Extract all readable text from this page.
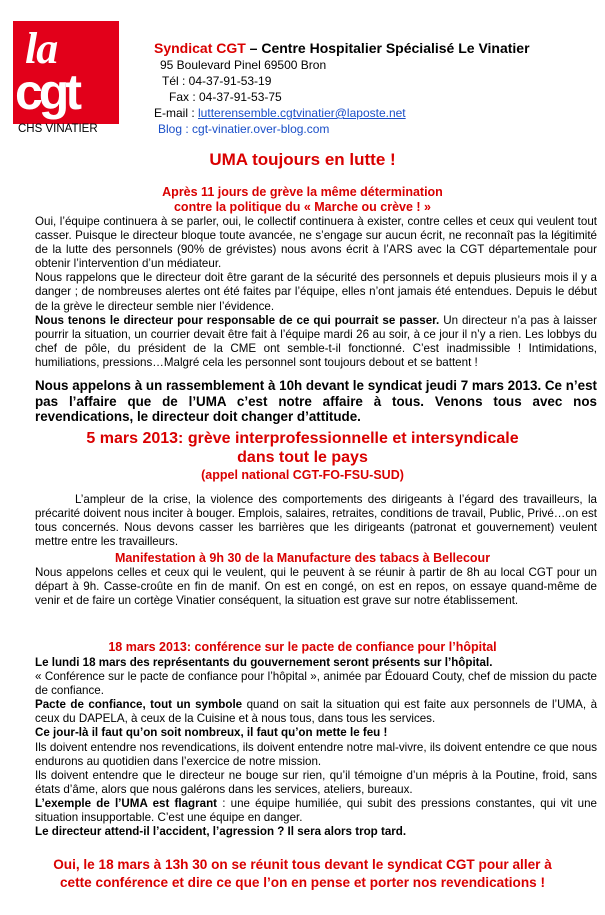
la
cgt
CHS VINATIER
Syndicat CGT – Centre Hospitalier Spécialisé Le Vinatier
95 Boulevard Pinel 69500 Bron
Tél : 04-37-91-53-19
Fax : 04-37-91-53-75
E-mail : lutterensemble.cgtvinatier@laposte.net
Blog : cgt-vinatier.over-blog.com
UMA toujours en lutte !
Après 11 jours de grève la même détermination
contre la politique du « Marche ou crève ! »
Oui, l’équipe continuera à se parler, oui, le collectif continuera à exister, contre celles et ceux qui veulent tout casser. Puisque le directeur bloque toute avancée, ne s’engage sur aucun écrit, ne reconnaît pas la légitimité de la lutte des personnels (90% de grévistes) nous avons écrit à l’ARS avec la CGT départementale pour obtenir l’intervention d’un médiateur.
Nous rappelons que le directeur doit être garant de la sécurité des personnels et depuis plusieurs mois il y a danger ; de nombreuses alertes ont été faites par l’équipe, elles n’ont jamais été entendues. Depuis le début de la grève le directeur semble nier l’évidence.
Nous tenons le directeur pour responsable de ce qui pourrait se passer. Un directeur n’a pas à laisser pourrir la situation, un courrier devait être fait à l’équipe mardi 26 au soir, à ce jour il n’y a rien. Les lobbys du chef de pôle, du président de la CME ont semble-t-il fonctionné. C’est inadmissible ! Intimidations, humiliations, pressions…Malgré cela les personnel sont toujours debout et se battent !
Nous appelons à un rassemblement à 10h devant le syndicat jeudi 7 mars 2013. Ce n’est pas l’affaire que de l’UMA c’est notre affaire à tous. Venons tous avec nos revendications, le directeur doit changer d’attitude.
5 mars 2013: grève interprofessionnelle et intersyndicale
dans tout le pays
(appel national CGT-FO-FSU-SUD)
L’ampleur de la crise, la violence des comportements des dirigeants à l’égard des travailleurs, la précarité doivent nous inciter à bouger. Emplois, salaires, retraites, conditions de travail, Public, Privé…on est tous concernés. Nous devons casser les barrières que les dirigeants (patronat et gouvernement) veulent mettre entre les travailleurs.
Manifestation à 9h 30 de la Manufacture des tabacs à Bellecour
Nous appelons celles et ceux qui le veulent, qui le peuvent à se réunir à partir de 8h au local CGT pour un départ à 9h. Casse-croûte en fin de manif. On est en congé, on est en repos, on essaye quand-même de venir et de faire un cortège Vinatier conséquent, la situation est grave sur notre établissement.
18 mars 2013: conférence sur le pacte de confiance pour l’hôpital
Le lundi 18 mars des représentants du gouvernement seront présents sur l’hôpital.
« Conférence sur le pacte de confiance pour l’hôpital », animée par Édouard Couty, chef de mission du pacte de confiance.
Pacte de confiance, tout un symbole quand on sait la situation qui est faite aux personnels de l’UMA, à ceux du DAPELA, à ceux de la Cuisine et à nous tous, dans tous les services.
Ce jour-là il faut qu’on soit nombreux, il faut qu’on mette le feu !
Ils doivent entendre nos revendications, ils doivent entendre notre mal-vivre, ils doivent entendre ce que nous endurons au quotidien dans l’exercice de notre mission.
Ils doivent entendre que le directeur ne bouge sur rien, qu’il témoigne d’un mépris à la Poutine, froid, sans états d’âme, alors que nous galérons dans les services, ateliers, bureaux.
L’exemple de l’UMA est flagrant : une équipe humiliée, qui subit des pressions constantes, qui vit une situation insupportable. C’est une équipe en danger.
Le directeur attend-il l’accident, l’agression ? Il sera alors trop tard.
Oui, le 18 mars à 13h 30 on se réunit tous devant le syndicat CGT pour aller à
cette conférence et dire ce que l’on en pense et porter nos revendications !
